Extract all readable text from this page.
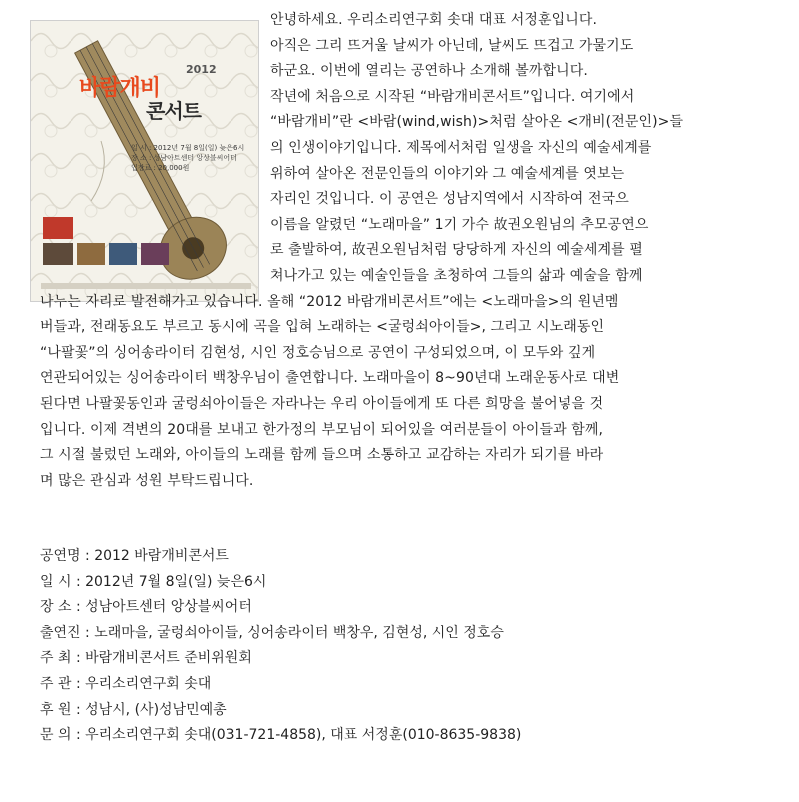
2012
바람개비
콘서트
일 시 : 2012년 7월 8일(일) 늦은6시
장 소 : 성남아트센터 앙상블씨어터
입장료 : 20,000원
안녕하세요. 우리소리연구회 솟대 대표 서정훈입니다.
아직은 그리 뜨거울 날씨가 아닌데, 날씨도 뜨겁고 가물기도
하군요. 이번에 열리는 공연하나 소개해 볼까합니다.
작년에 처음으로 시작된 “바람개비콘서트”입니다. 여기에서
“바람개비”란 <바람(wind,wish)>처럼 살아온 <개비(전문인)>들
의 인생이야기입니다. 제목에서처럼 일생을 자신의 예술세계를
위하여 살아온 전문인들의 이야기와 그 예술세계를 엿보는
자리인 것입니다. 이 공연은 성남지역에서 시작하여 전국으
이름을 알렸던 “노래마을” 1기 가수 故권오원님의 추모공연으
로 출발하여, 故권오원님처럼 당당하게 자신의 예술세계를 펼
쳐나가고 있는 예술인들을 초청하여 그들의 삶과 예술을 함께
나누는 자리로 발전해가고 있습니다. 올해 “2012 바람개비콘서트”에는 <노래마을>의 원년멤
버들과, 전래동요도 부르고 동시에 곡을 입혀 노래하는 <굴렁쇠아이들>, 그리고 시노래동인
“나팔꽃”의 싱어송라이터 김현성, 시인 정호승님으로 공연이 구성되었으며, 이 모두와 깊게
연관되어있는 싱어송라이터 백창우님이 출연합니다. 노래마을이 8~90년대 노래운동사로 대변
된다면 나팔꽃동인과 굴렁쇠아이들은 자라나는 우리 아이들에게 또 다른 희망을 불어넣을 것
입니다. 이제 격변의 20대를 보내고 한가정의 부모님이 되어있을 여러분들이 아이들과 함께,
그 시절 불렀던 노래와, 아이들의 노래를 함께 들으며 소통하고 교감하는 자리가 되기를 바라
며 많은 관심과 성원 부탁드립니다.
공연명 : 2012 바람개비콘서트
일 시 : 2012년 7월 8일(일) 늦은6시
장 소 : 성남아트센터 앙상블씨어터
출연진 : 노래마을, 굴렁쇠아이들, 싱어송라이터 백창우, 김현성, 시인 정호승
주 최 : 바람개비콘서트 준비위원회
주 관 : 우리소리연구회 솟대
후 원 : 성남시, (사)성남민예총
문 의 : 우리소리연구회 솟대(031-721-4858), 대표 서정훈(010-8635-9838)
